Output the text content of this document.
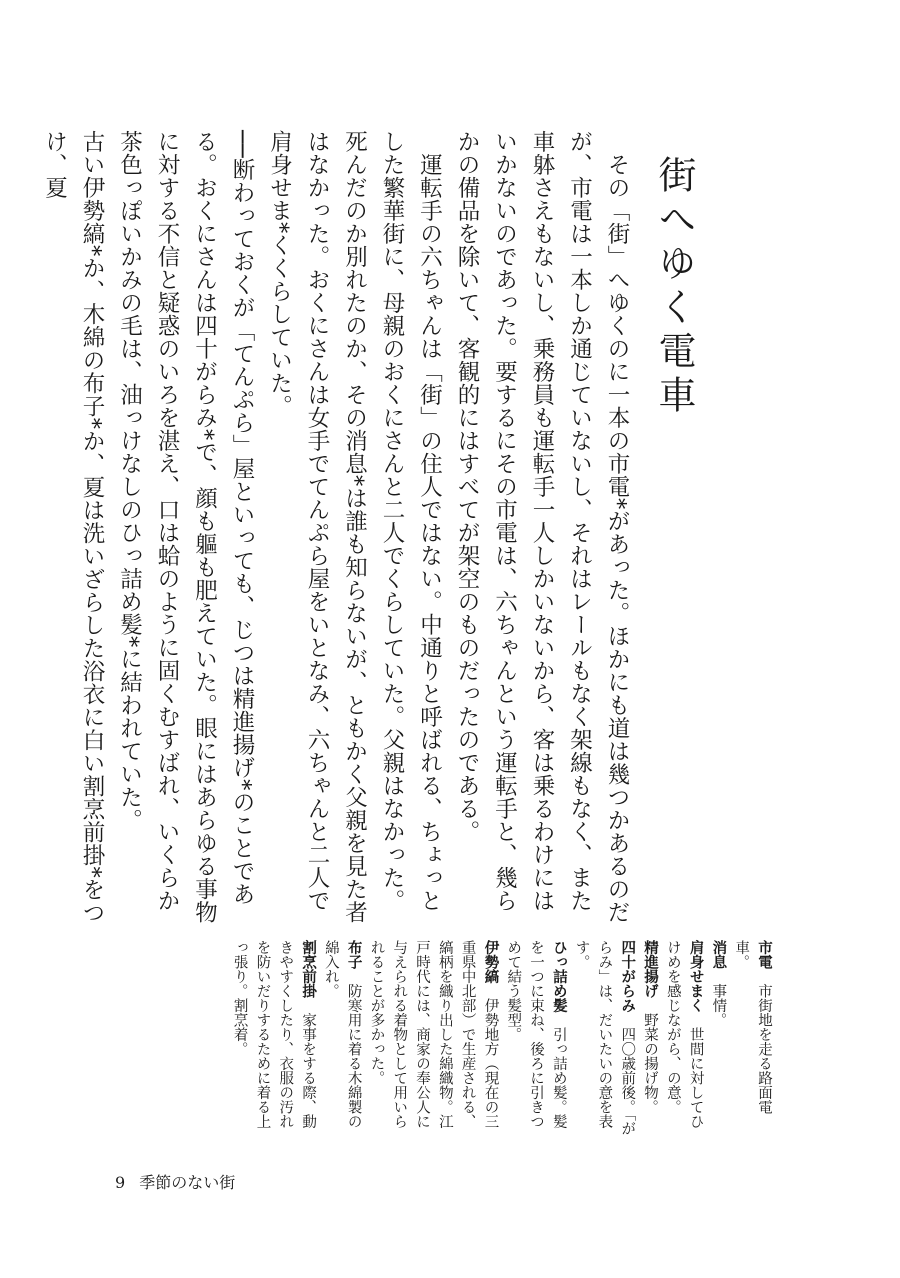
街へゆく電車

その「街」へゆくのに一本の市電*があった。ほかにも道は幾つかあるのだが、市電は一本しか通じていないし、それはレールもなく架線もなく、また車躰さえもないし、乗務員も運転手一人しかいないから、客は乗るわけにはいかないのであった。要するにその市電は、六ちゃんという運転手と、幾らかの備品を除いて、客観的にはすべてが架空のものだったのである。

運転手の六ちゃんは「街」の住人ではない。中通りと呼ばれる、ちょっとした繁華街に、母親のおくにさんと二人でくらしていた。父親はなかった。死んだのか別れたのか、その消息*は誰も知らないが、ともかく父親を見た者はなかった。おくにさんは女手でてんぷら屋をいとなみ、六ちゃんと二人で肩身せま*くくらしていた。

──断わっておくが「てんぷら」屋といっても、じつは精進揚げ*のことである。おくにさんは四十がらみ*で、顔も軀も肥えていた。眼にはあらゆる事物に対する不信と疑惑のいろを湛え、口は蛤のように固くむすばれ、いくらか茶色っぽいかみの毛は、油っけなしのひっ詰め髪*に結われていた。

古い伊勢縞*か、木綿の布子*か、夏は洗いざらした浴衣に白い割烹前掛*をつけ、夏

市電　市街地を走る路面電車。

消息　事情。

肩身せまく　世間に対してひけめを感じながら、の意。

精進揚げ　野菜の揚げ物。

四十がらみ　四〇歳前後。「がらみ」は、だいたいの意を表す。

ひっ詰め髪　引っ詰め髪。髪を一つに束ね、後ろに引きつめて結う髪型。

伊勢縞　伊勢地方（現在の三重県中北部）で生産される、縞柄を織り出した綿織物。江戸時代には、商家の奉公人に与えられる着物として用いられることが多かった。

布子　防寒用に着る木綿製の綿入れ。

割烹前掛　家事をする際、動きやすくしたり、衣服の汚れを防いだりするために着る上っ張り。割烹着。

9 季節のない街
